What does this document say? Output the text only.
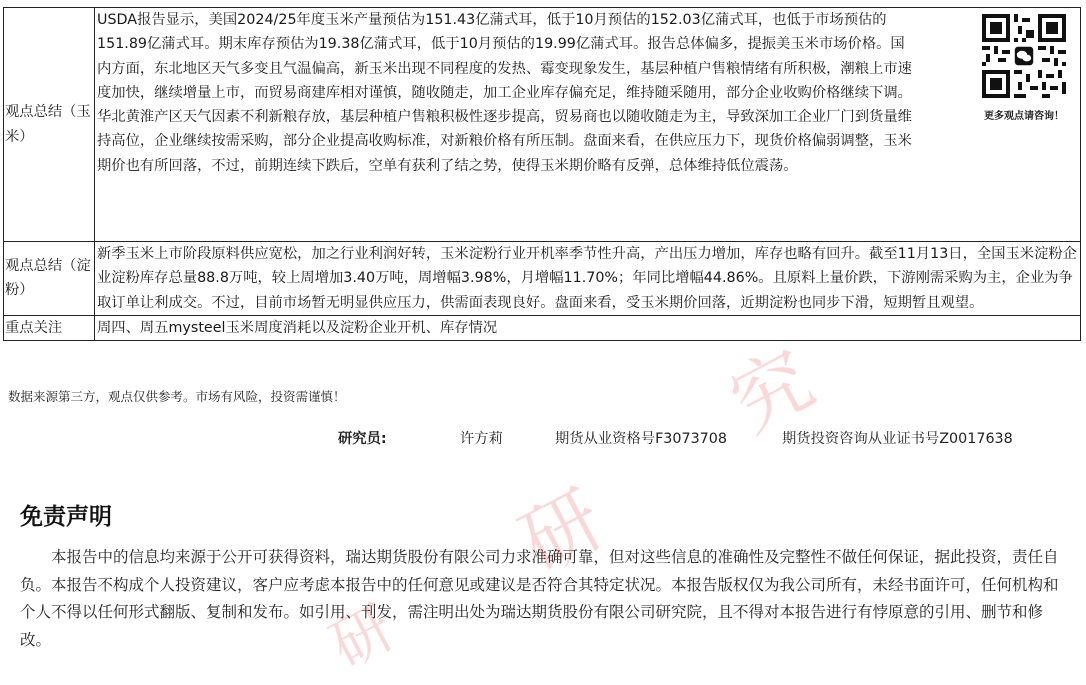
观点总结（玉米）	USDA报告显示，美国2024/25年度玉米产量预估为151.43亿蒲式耳，低于10月预估的152.03亿蒲式耳，也低于市场预估的151.89亿蒲式耳。期末库存预估为19.38亿蒲式耳，低于10月预估的19.99亿蒲式耳。报告总体偏多，提振美玉米市场价格。国内方面，东北地区天气多变且气温偏高，新玉米出现不同程度的发热、霉变现象发生，基层种植户售粮情绪有所积极，潮粮上市速度加快，继续增量上市，而贸易商建库相对谨慎，随收随走，加工企业库存偏充足，维持随采随用，部分企业收购价格继续下调。华北黄淮产区天气因素不利新粮存放，基层种植户售粮积极性逐步提高，贸易商也以随收随走为主，导致深加工企业厂门到货量维持高位，企业继续按需采购，部分企业提高收购标准，对新粮价格有所压制。盘面来看，在供应压力下，现货价格偏弱调整，玉米期价也有所回落，不过，前期连续下跌后，空单有获利了结之势，使得玉米期价略有反弹，总体维持低位震荡。
更多观点请咨询！

观点总结（淀粉）	新季玉米上市阶段原料供应宽松，加之行业利润好转，玉米淀粉行业开机率季节性升高，产出压力增加，库存也略有回升。截至11月13日，全国玉米淀粉企业淀粉库存总量88.8万吨，较上周增加3.40万吨，周增幅3.98%，月增幅11.70%；年同比增幅44.86%。且原料上量价跌，下游刚需采购为主，企业为争取订单让利成交。不过，目前市场暂无明显供应压力，供需面表现良好。盘面来看，受玉米期价回落，近期淀粉也同步下滑，短期暂且观望。
重点关注	周四、周五mysteel玉米周度消耗以及淀粉企业开机、库存情况
数据来源第三方，观点仅供参考。市场有风险，投资需谨慎！
研究员:	许方莉	期货从业资格号F3073708	期货投资咨询从业证书号Z0017638
免责声明
本报告中的信息均来源于公开可获得资料，瑞达期货股份有限公司力求准确可靠，但对这些信息的准确性及完整性不做任何保证，据此投资，责任自负。本报告不构成个人投资建议，客户应考虑本报告中的任何意见或建议是否符合其特定状况。本报告版权仅为我公司所有，未经书面许可，任何机构和个人不得以任何形式翻版、复制和发布。如引用、刊发，需注明出处为瑞达期货股份有限公司研究院，且不得对本报告进行有悖原意的引用、删节和修改。
研
究
研
